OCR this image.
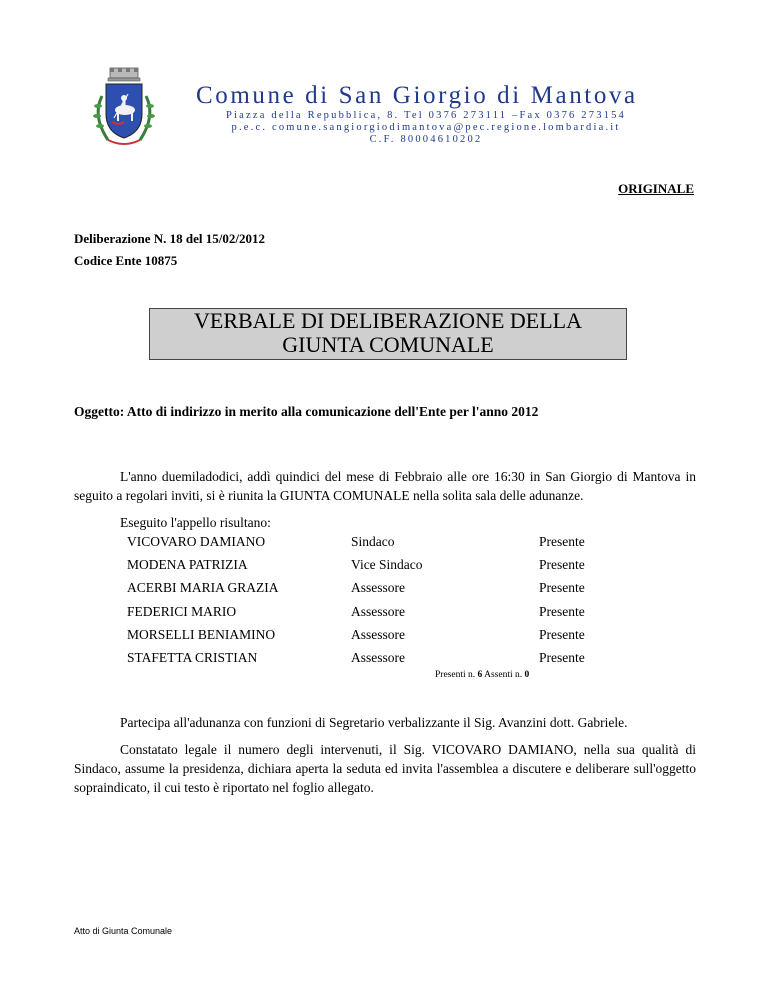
Comune di San Giorgio di Mantova
Piazza della Repubblica, 8. Tel 0376 273111 –Fax 0376 273154
p.e.c. comune.sangiorgiodimantova@pec.regione.lombardia.it
C.F. 80004610202
ORIGINALE
Deliberazione N. 18 del 15/02/2012
Codice Ente 10875
VERBALE DI DELIBERAZIONE DELLA
GIUNTA COMUNALE
Oggetto: Atto di indirizzo in merito alla comunicazione dell'Ente per l'anno 2012
L'anno duemiladodici, addì quindici del mese di Febbraio alle ore 16:30 in San Giorgio di Mantova in seguito a regolari inviti, si è riunita la GIUNTA COMUNALE nella solita sala delle adunanze.
Eseguito l'appello risultano:
VICOVARO DAMIANO	Sindaco	Presente
MODENA PATRIZIA	Vice Sindaco	Presente
ACERBI MARIA GRAZIA	Assessore	Presente
FEDERICI MARIO	Assessore	Presente
MORSELLI BENIAMINO	Assessore	Presente
STAFETTA CRISTIAN	Assessore	Presente
Presenti n. 6 Assenti n. 0
Partecipa all'adunanza con funzioni di Segretario verbalizzante il Sig. Avanzini dott. Gabriele.
Constatato legale il numero degli intervenuti, il Sig. VICOVARO DAMIANO, nella sua qualità di Sindaco, assume la presidenza, dichiara aperta la seduta ed invita l'assemblea a discutere e deliberare sull'oggetto sopraindicato, il cui testo è riportato nel foglio allegato.
Atto di Giunta Comunale
